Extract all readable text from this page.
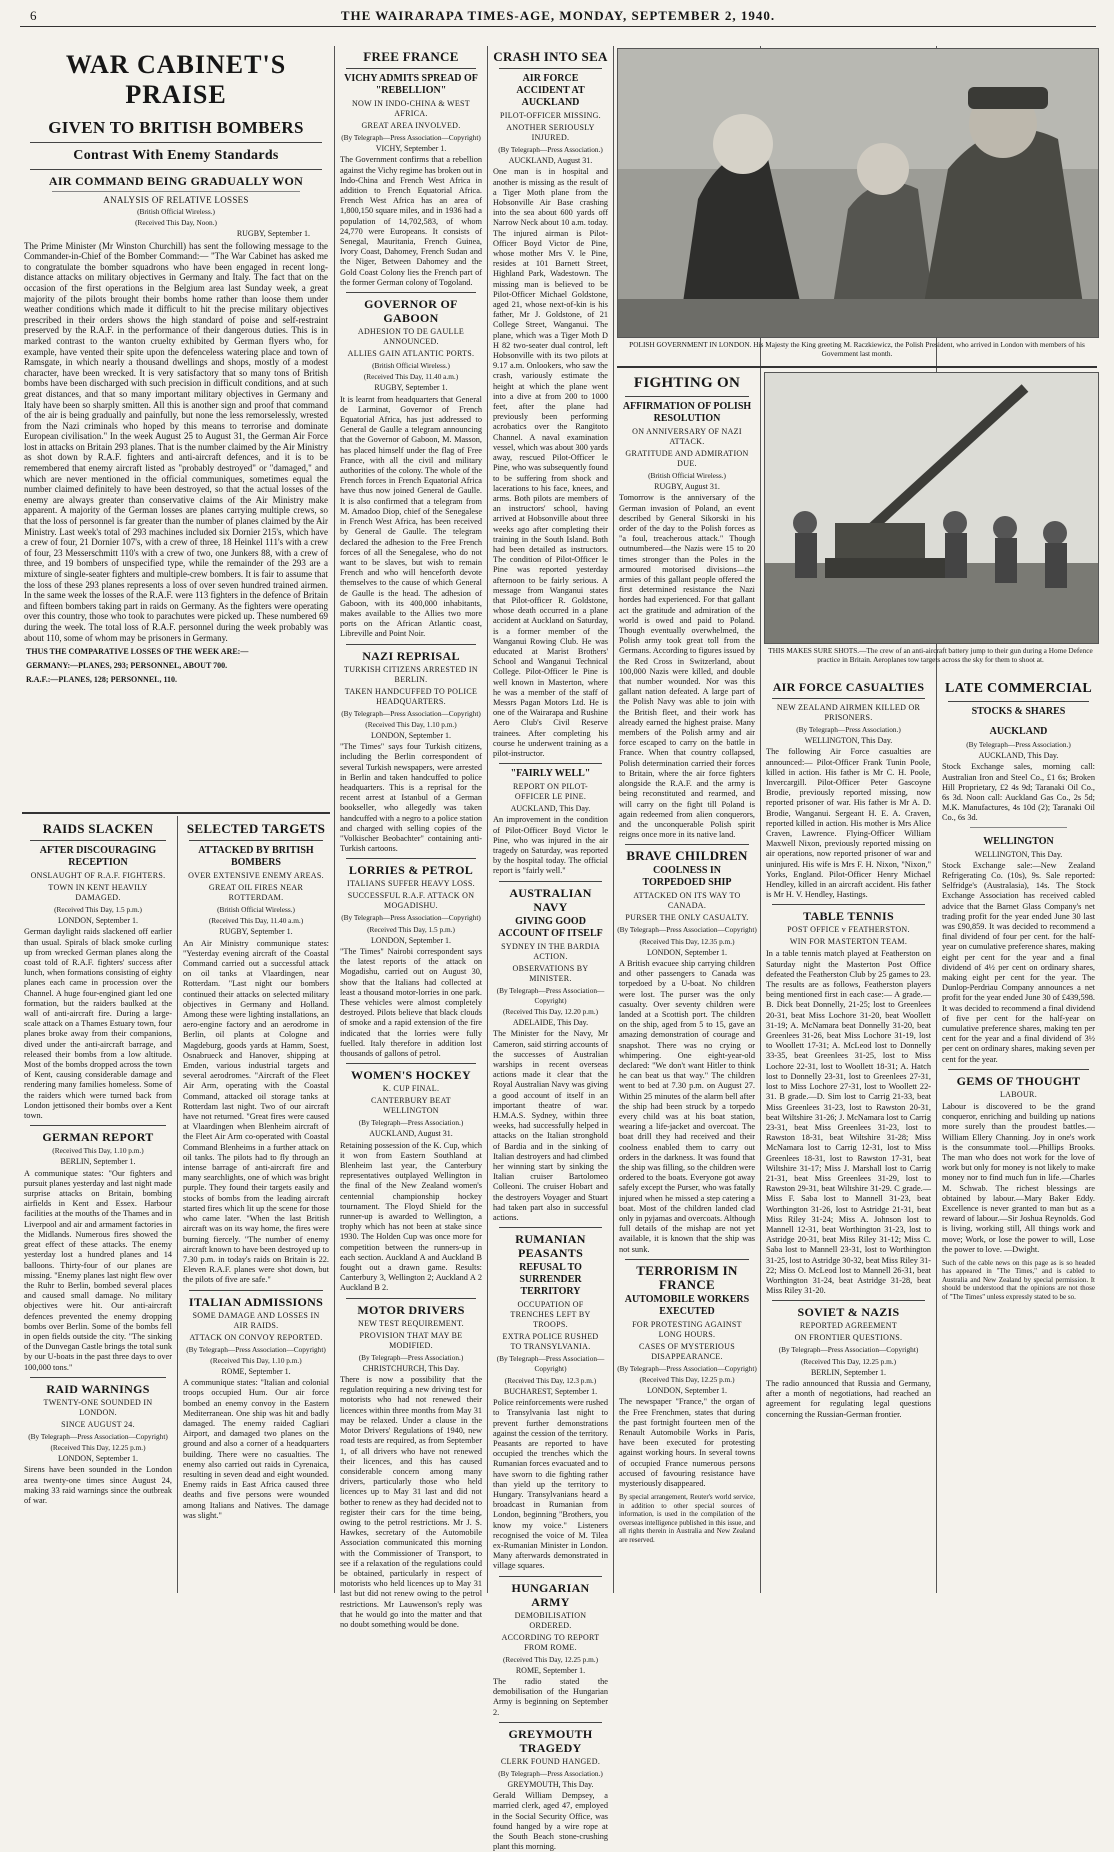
6	THE WAIRARAPA TIMES-AGE, MONDAY, SEPTEMBER 2, 1940.
WAR CABINET'S PRAISE
GIVEN TO BRITISH BOMBERS
Contrast With Enemy Standards
AIR COMMAND BEING GRADUALLY WON
ANALYSIS OF RELATIVE LOSSES
(British Official Wireless.)
(Received This Day, Noon.)
RUGBY, September 1.
The Prime Minister (Mr Winston Churchill) has sent the following message to the Commander-in-Chief of the Bomber Command:— "The War Cabinet has asked me to congratulate the bomber squadrons who have been engaged in recent long-distance attacks on military objectives in Germany and Italy. The fact that on the occasion of the first operations in the Belgium area last Sunday week, a great majority of the pilots brought their bombs home rather than loose them under weather conditions which made it difficult to hit the precise military objectives prescribed in their orders shows the high standard of poise and self-restraint preserved by the R.A.F. in the performance of their dangerous duties. This is in marked contrast to the wanton cruelty exhibited by German flyers who, for example, have vented their spite upon the defenceless watering place and town of Ramsgate, in which nearly a thousand dwellings and shops, mostly of a modest character, have been wrecked. It is very satisfactory that so many tons of British bombs have been discharged with such precision in difficult conditions, and at such great distances, and that so many important military objectives in Germany and Italy have been so sharply smitten. All this is another sign and proof that command of the air is being gradually and painfully, but none the less remorselessly, wrested from the Nazi criminals who hoped by this means to terrorise and dominate European civilisation." In the week August 25 to August 31, the German Air Force lost in attacks on Britain 293 planes. That is the number claimed by the Air Ministry as shot down by R.A.F. fighters and anti-aircraft defences, and it is to be remembered that enemy aircraft listed as "probably destroyed" or "damaged," and which are never mentioned in the official communiques, sometimes equal the number claimed definitely to have been destroyed, so that the actual losses of the enemy are always greater than conservative claims of the Air Ministry make apparent. A majority of the German losses are planes carrying multiple crews, so that the loss of personnel is far greater than the number of planes claimed by the Air Ministry. Last week's total of 293 machines included six Dornier 215's, which have a crew of four, 21 Dornier 107's, with a crew of three, 18 Heinkel 111's with a crew of four, 23 Messerschmitt 110's with a crew of two, one Junkers 88, with a crew of three, and 19 bombers of unspecified type, while the remainder of the 293 are a mixture of single-seater fighters and multiple-crew bombers. It is fair to assume that the loss of these 293 planes represents a loss of over seven hundred trained airmen. In the same week the losses of the R.A.F. were 113 fighters in the defence of Britain and fifteen bombers taking part in raids on Germany. As the fighters were operating over this country, those who took to parachutes were picked up. These numbered 69 during the week. The total loss of R.A.F. personnel during the week probably was about 110, some of whom may be prisoners in Germany.
THUS THE COMPARATIVE LOSSES OF THE WEEK ARE:—
GERMANY:—PLANES, 293; PERSONNEL, ABOUT 700.
R.A.F.:—PLANES, 128; PERSONNEL, 110.
RAIDS SLACKEN
AFTER DISCOURAGING RECEPTION
ONSLAUGHT OF R.A.F. FIGHTERS.
TOWN IN KENT HEAVILY DAMAGED.
(Received This Day, 1.5 p.m.)
LONDON, September 1.
German daylight raids slackened off earlier than usual. Spirals of black smoke curling up from wrecked German planes along the coast told of R.A.F. fighters' success after lunch, when formations consisting of eighty planes each came in procession over the Channel. A huge four-engined giant led one formation, but the raiders baulked at the wall of anti-aircraft fire. During a large-scale attack on a Thames Estuary town, four planes broke away from their companions, dived under the anti-aircraft barrage, and released their bombs from a low altitude. Most of the bombs dropped across the town of Kent, causing considerable damage and rendering many families homeless. Some of the raiders which were turned back from London jettisoned their bombs over a Kent town.
GERMAN REPORT
(Received This Day, 1.10 p.m.)
BERLIN, September 1.
A communique states: "Our fighters and pursuit planes yesterday and last night made surprise attacks on Britain, bombing airfields in Kent and Essex. Harbour facilities at the mouths of the Thames and in Liverpool and air and armament factories in the Midlands. Numerous fires showed the great effect of these attacks. The enemy yesterday lost a hundred planes and 14 balloons. Thirty-four of our planes are missing. "Enemy planes last night flew over the Ruhr to Berlin, bombed several places and caused small damage. No military objectives were hit. Our anti-aircraft defences prevented the enemy dropping bombs over Berlin. Some of the bombs fell in open fields outside the city. "The sinking of the Dunvegan Castle brings the total sunk by our U-boats in the past three days to over 100,000 tons."
RAID WARNINGS
TWENTY-ONE SOUNDED IN LONDON.
SINCE AUGUST 24.
(By Telegraph—Press Association—Copyright)
(Received This Day, 12.25 p.m.)
LONDON, September 1.
Sirens have been sounded in the London area twenty-one times since August 24, making 33 raid warnings since the outbreak of war.
SELECTED TARGETS
ATTACKED BY BRITISH BOMBERS
OVER EXTENSIVE ENEMY AREAS.
GREAT OIL FIRES NEAR ROTTERDAM.
(British Official Wireless.)
(Received This Day, 11.40 a.m.)
RUGBY, September 1.
An Air Ministry communique states: "Yesterday evening aircraft of the Coastal Command carried out a successful attack on oil tanks at Vlaardingen, near Rotterdam. "Last night our bombers continued their attacks on selected military objectives in Germany and Holland. Among these were lighting installations, an aero-engine factory and an aerodrome in Berlin, oil plants at Cologne and Magdeburg, goods yards at Hamm, Soest, Osnabrueck and Hanover, shipping at Emden, various industrial targets and several aerodromes. "Aircraft of the Fleet Air Arm, operating with the Coastal Command, attacked oil storage tanks at Rotterdam last night. Two of our aircraft have not returned. "Great fires were caused at Vlaardingen when Blenheim aircraft of the Fleet Air Arm co-operated with Coastal Command Blenheims in a further attack on oil tanks. The pilots had to fly through an intense barrage of anti-aircraft fire and many searchlights, one of which was bright purple. They found their targets easily and stocks of bombs from the leading aircraft started fires which lit up the scene for those who came later. "When the last British aircraft was on its way home, the fires were burning fiercely. "The number of enemy aircraft known to have been destroyed up to 7.30 p.m. in today's raids on Britain is 22. Eleven R.A.F. planes were shot down, but the pilots of five are safe."
ITALIAN ADMISSIONS
SOME DAMAGE AND LOSSES IN AIR RAIDS.
ATTACK ON CONVOY REPORTED.
(By Telegraph—Press Association—Copyright)
(Received This Day, 1.10 p.m.)
ROME, September 1.
A communique states: "Italian and colonial troops occupied Hum. Our air force bombed an enemy convoy in the Eastern Mediterranean. One ship was hit and badly damaged. The enemy raided Cagliari Airport, and damaged two planes on the ground and also a corner of a headquarters building. There were no casualties. The enemy also carried out raids in Cyrenaica, resulting in seven dead and eight wounded. Enemy raids in East Africa caused three deaths and five persons were wounded among Italians and Natives. The damage was slight."
FREE FRANCE
VICHY ADMITS SPREAD OF "REBELLION"
NOW IN INDO-CHINA & WEST AFRICA.
GREAT AREA INVOLVED.
(By Telegraph—Press Association—Copyright)
VICHY, September 1.
The Government confirms that a rebellion against the Vichy regime has broken out in Indo-China and French West Africa in addition to French Equatorial Africa. French West Africa has an area of 1,800,150 square miles, and in 1936 had a population of 14,702,583, of whom 24,770 were Europeans. It consists of Senegal, Mauritania, French Guinea, Ivory Coast, Dahomey, French Sudan and the Niger, Between Dahomey and the Gold Coast Colony lies the French part of the former German colony of Togoland.
GOVERNOR OF GABOON
ADHESION TO DE GAULLE ANNOUNCED.
ALLIES GAIN ATLANTIC PORTS.
(British Official Wireless.)
(Received This Day, 11.40 a.m.)
RUGBY, September 1.
It is learnt from headquarters that General de Larminat, Governor of French Equatorial Africa, has just addressed to General de Gaulle a telegram announcing that the Governor of Gaboon, M. Masson, has placed himself under the flag of Free France, with all the civil and military authorities of the colony. The whole of the French forces in French Equatorial Africa have thus now joined General de Gaulle. It is also confirmed that a telegram from M. Amadoo Diop, chief of the Senegalese in French West Africa, has been received by General de Gaulle. The telegram declared the adhesion to the Free French forces of all the Senegalese, who do not want to be slaves, but wish to remain French and who will henceforth devote themselves to the cause of which General de Gaulle is the head. The adhesion of Gaboon, with its 400,000 inhabitants, makes available to the Allies two more ports on the African Atlantic coast, Libreville and Point Noir.
NAZI REPRISAL
TURKISH CITIZENS ARRESTED IN BERLIN.
TAKEN HANDCUFFED TO POLICE HEADQUARTERS.
(By Telegraph—Press Association—Copyright)
(Received This Day, 1.10 p.m.)
LONDON, September 1.
"The Times" says four Turkish citizens, including the Berlin correspondent of several Turkish newspapers, were arrested in Berlin and taken handcuffed to police headquarters. This is a reprisal for the recent arrest at Istanbul of a German bookseller, who allegedly was taken handcuffed with a negro to a police station and charged with selling copies of the "Volkischer Beobachter" containing anti-Turkish cartoons.
LORRIES & PETROL
ITALIANS SUFFER HEAVY LOSS.
SUCCESSFUL R.A.F. ATTACK ON MOGADISHU.
(By Telegraph—Press Association—Copyright)
(Received This Day, 1.5 p.m.)
LONDON, September 1.
"The Times" Nairobi correspondent says the latest reports of the attack on Mogadishu, carried out on August 30, show that the Italians had collected at least a thousand motor-lorries in one park. These vehicles were almost completely destroyed. Pilots believe that black clouds of smoke and a rapid extension of the fire indicated that the lorries were fully fuelled. Italy therefore in addition lost thousands of gallons of petrol.
WOMEN'S HOCKEY
K. CUP FINAL.
CANTERBURY BEAT WELLINGTON
(By Telegraph—Press Association.)
AUCKLAND, August 31.
Retaining possession of the K. Cup, which it won from Eastern Southland at Blenheim last year, the Canterbury representatives outplayed Wellington in the final of the New Zealand women's centennial championship hockey tournament. The Floyd Shield for the runner-up is awarded to Wellington, a trophy which has not been at stake since 1930. The Holden Cup was once more for competition between the runners-up in each section. Auckland A and Auckland B fought out a drawn game. Results: Canterbury 3, Wellington 2; Auckland A 2 Auckland B 2.
MOTOR DRIVERS
NEW TEST REQUIREMENT.
PROVISION THAT MAY BE MODIFIED.
(By Telegraph—Press Association.)
CHRISTCHURCH, This Day.
There is now a possibility that the regulation requiring a new driving test for motorists who had not renewed their licences within three months from May 31 may be relaxed. Under a clause in the Motor Drivers' Regulations of 1940, new road tests are required, as from September 1, of all drivers who have not renewed their licences, and this has caused considerable concern among many drivers, particularly those who held licences up to May 31 last and did not bother to renew as they had decided not to register their cars for the time being, owing to the petrol restrictions. Mr J. S. Hawkes, secretary of the Automobile Association communicated this morning with the Commissioner of Transport, to see if a relaxation of the regulations could be obtained, particularly in respect of motorists who held licences up to May 31 last but did not renew owing to the petrol restrictions. Mr Lauwenson's reply was that he would go into the matter and that no doubt something would be done.
CRASH INTO SEA
AIR FORCE ACCIDENT AT AUCKLAND
PILOT-OFFICER MISSING.
ANOTHER SERIOUSLY INJURED.
(By Telegraph—Press Association.)
AUCKLAND, August 31.
One man is in hospital and another is missing as the result of a Tiger Moth plane from the Hobsonville Air Base crashing into the sea about 600 yards off Narrow Neck about 10 a.m. today. The injured airman is Pilot-Officer Boyd Victor de Pine, whose mother Mrs V. le Pine, resides at 101 Barnett Street, Highland Park, Wadestown. The missing man is believed to be Pilot-Officer Michael Goldstone, aged 21, whose next-of-kin is his father, Mr J. Goldstone, of 21 College Street, Wanganui. The plane, which was a Tiger Moth D H 82 two-seater dual control, left Hobsonville with its two pilots at 9.17 a.m. Onlookers, who saw the crash, variously estimate the height at which the plane went into a dive at from 200 to 1000 feet, after the plane had previously been performing acrobatics over the Rangitoto Channel. A naval examination vessel, which was about 300 yards away, rescued Pilot-Officer le Pine, who was subsequently found to be suffering from shock and lacerations to his face, knees, and arms. Both pilots are members of an instructors' school, having arrived at Hobsonville about three weeks ago after completing their training in the South Island. Both had been detailed as instructors. The condition of Pilot-Officer le Pine was reported yesterday afternoon to be fairly serious. A message from Wanganui states that Pilot-officer R. Goldstone, whose death occurred in a plane accident at Auckland on Saturday, is a former member of the Wanganui Rowing Club. He was educated at Marist Brothers' School and Wanganui Technical College. Pilot-Officer le Pine is well known in Masterton, where he was a member of the staff of Messrs Pagan Motors Ltd. He is one of the Wairarapa and Rushine Aero Club's Civil Reserve trainees. After completing his course he underwent training as a pilot-instructor.
"FAIRLY WELL"
REPORT ON PILOT-OFFICER LE PINE.
AUCKLAND, This Day.
An improvement in the condition of Pilot-Officer Boyd Victor le Pine, who was injured in the air tragedy on Saturday, was reported by the hospital today. The official report is "fairly well."
AUSTRALIAN NAVY
GIVING GOOD ACCOUNT OF ITSELF
SYDNEY IN THE BARDIA ACTION.
OBSERVATIONS BY MINISTER.
(By Telegraph—Press Association—Copyright)
(Received This Day, 12.20 p.m.)
ADELAIDE, This Day.
The Minister for the Navy, Mr Cameron, said stirring accounts of the successes of Australian warships in recent overseas actions made it clear that the Royal Australian Navy was giving a good account of itself in an important theatre of war. H.M.A.S. Sydney, within three weeks, had successfully helped in attacks on the Italian stronghold of Bardia and in the sinking of Italian destroyers and had climbed her winning start by sinking the Italian cruiser Bartolomeo Colleoni. The cruiser Hobart and the destroyers Voyager and Stuart had taken part also in successful actions.
RUMANIAN PEASANTS
REFUSAL TO SURRENDER TERRITORY
OCCUPATION OF TRENCHES LEFT BY TROOPS.
EXTRA POLICE RUSHED TO TRANSYLVANIA.
(By Telegraph—Press Association—Copyright)
(Received This Day, 12.3 p.m.)
BUCHAREST, September 1.
Police reinforcements were rushed to Transylvania last night to prevent further demonstrations against the cession of the territory. Peasants are reported to have occupied the trenches which the Rumanian forces evacuated and to have sworn to die fighting rather than yield up the territory to Hungary. Transylvanians heard a broadcast in Rumanian from London, beginning "Brothers, you know my voice." Listeners recognised the voice of M. Tilea ex-Rumanian Minister in London. Many afterwards demonstrated in village squares.
HUNGARIAN ARMY
DEMOBILISATION ORDERED.
ACCORDING TO REPORT FROM ROME.
(Received This Day, 12.25 p.m.)
ROME, September 1.
The radio stated the demobilisation of the Hungarian Army is beginning on September 2.
GREYMOUTH TRAGEDY
CLERK FOUND HANGED.
(By Telegraph—Press Association.)
GREYMOUTH, This Day.
Gerald William Dempsey, a married clerk, aged 47, employed in the Social Security Office, was found hanged by a wire rope at the South Beach stone-crushing plant this morning.
POLISH GOVERNMENT IN LONDON. His Majesty the King greeting M. Raczkiewicz, the Polish President, who arrived in London with members of his Government last month.
FIGHTING ON
AFFIRMATION OF POLISH RESOLUTION
ON ANNIVERSARY OF NAZI ATTACK.
GRATITUDE AND ADMIRATION DUE.
(British Official Wireless.)
RUGBY, August 31.
Tomorrow is the anniversary of the German invasion of Poland, an event described by General Sikorski in his order of the day to the Polish forces as "a foul, treacherous attack." Though outnumbered—the Nazis were 15 to 20 times stronger than the Poles in the armoured motorised divisions—the armies of this gallant people offered the first determined resistance the Nazi hordes had experienced. For that gallant act the gratitude and admiration of the world is owed and paid to Poland. Though eventually overwhelmed, the Polish army took great toll from the Germans. According to figures issued by the Red Cross in Switzerland, about 100,000 Nazis were killed, and double that number wounded. Nor was this gallant nation defeated. A large part of the Polish Navy was able to join with the British fleet, and their work has already earned the highest praise. Many members of the Polish army and air force escaped to carry on the battle in France. When that country collapsed, Polish determination carried their forces to Britain, where the air force fighters alongside the R.A.F. and the army is being reconstituted and rearmed, and will carry on the fight till Poland is again redeemed from alien conquerors, and the unconquerable Polish spirit reigns once more in its native land.
BRAVE CHILDREN
COOLNESS IN TORPEDOED SHIP
ATTACKED ON ITS WAY TO CANADA.
PURSER THE ONLY CASUALTY.
(By Telegraph—Press Association—Copyright)
(Received This Day, 12.35 p.m.)
LONDON, September 1.
A British evacuee ship carrying children and other passengers to Canada was torpedoed by a U-boat. No children were lost. The purser was the only casualty. Over seventy children were landed at a Scottish port. The children on the ship, aged from 5 to 15, gave an amazing demonstration of courage and snapshot. There was no crying or whimpering. One eight-year-old declared: "We don't want Hitler to think he can beat us that way." The children went to bed at 7.30 p.m. on August 27. Within 25 minutes of the alarm bell after the ship had been struck by a torpedo every child was at his boat station, wearing a life-jacket and overcoat. The boat drill they had received and their coolness enabled them to carry out orders in the darkness. It was found that the ship was filling, so the children were ordered to the boats. Everyone got away safely except the Purser, who was fatally injured when he missed a step catering a boat. Most of the children landed clad only in pyjamas and overcoats. Although full details of the mishap are not yet available, it is known that the ship was not sunk.
TERRORISM IN FRANCE
AUTOMOBILE WORKERS EXECUTED
FOR PROTESTING AGAINST LONG HOURS.
CASES OF MYSTERIOUS DISAPPEARANCE.
(By Telegraph—Press Association—Copyright)
(Received This Day, 12.25 p.m.)
LONDON, September 1.
The newspaper "France," the organ of the Free Frenchmen, states that during the past fortnight fourteen men of the Renault Automobile Works in Paris, have been executed for protesting against working hours. In several towns of occupied France numerous persons accused of favouring resistance have mysteriously disappeared.
By special arrangement, Reuter's world service, in addition to other special sources of information, is used in the compilation of the overseas intelligence published in this issue, and all rights therein in Australia and New Zealand are reserved.
THIS MAKES SURE SHOTS.—The crew of an anti-aircraft battery jump to their gun during a Home Defence practice in Britain. Aeroplanes tow targets across the sky for them to shoot at.
AIR FORCE CASUALTIES
NEW ZEALAND AIRMEN KILLED OR PRISONERS.
(By Telegraph—Press Association.)
WELLINGTON, This Day.
The following Air Force casualties are announced:— Pilot-Officer Frank Tunin Poole, killed in action. His father is Mr C. H. Poole, Invercargill. Pilot-Officer Peter Gascoyne Brodie, previously reported missing, now reported prisoner of war. His father is Mr A. D. Brodie, Wanganui. Sergeant H. E. A. Craven, reported killed in action. His mother is Mrs Alice Craven, Lawrence. Flying-Officer William Maxwell Nixon, previously reported missing on air operations, now reported prisoner of war and uninjured. His wife is Mrs F. H. Nixon, "Nixon," Yorks, England. Pilot-Officer Henry Michael Hendley, killed in an aircraft accident. His father is Mr H. V. Hendley, Hastings.
TABLE TENNIS
POST OFFICE v FEATHERSTON.
WIN FOR MASTERTON TEAM.
In a table tennis match played at Featherston on Saturday night the Masterton Post Office defeated the Featherston Club by 25 games to 23. The results are as follows, Featherston players being mentioned first in each case:— A grade.—B. Dick beat Donnelly, 21-25; lost to Greenlees 20-31, beat Miss Lochore 31-20, beat Woollett 31-19; A. McNamara beat Donnelly 31-20, beat Greenlees 31-26, beat Miss Lochore 31-19, lost to Woollett 17-31; A. McLeod lost to Donnelly 33-35, beat Greenlees 31-25, lost to Miss Lochore 22-31, lost to Woollett 18-31; A. Hatch lost to Donnelly 23-31, lost to Greenlees 27-31, lost to Miss Lochore 27-31, lost to Woollett 22-31. B grade.—D. Sim lost to Carrig 21-33, beat Miss Greenlees 31-23, lost to Rawston 20-31, beat Wiltshire 31-26; J. McNamara lost to Carrig 23-31, beat Miss Greenlees 31-23, lost to Rawston 18-31, beat Wiltshire 31-28; Miss McNamara lost to Carrig 12-31, lost to Miss Greenlees 18-31, lost to Rawston 17-31, beat Wiltshire 31-17; Miss J. Marshall lost to Carrig 21-31, beat Miss Greenlees 31-29, lost to Rawston 29-31, beat Wiltshire 31-29. C grade.—Miss F. Saba lost to Mannell 31-23, beat Worthington 31-26, lost to Astridge 21-31, beat Miss Riley 31-24; Miss A. Johnson lost to Mannell 12-31, beat Worthington 31-23, lost to Astridge 20-31, beat Miss Riley 31-12; Miss C. Saba lost to Mannell 23-31, lost to Worthington 31-25, lost to Astridge 30-32, beat Miss Riley 31-22; Miss O. McLeod lost to Mannell 26-31, beat Worthington 31-24, beat Astridge 31-28, beat Miss Riley 31-20.
SOVIET & NAZIS
REPORTED AGREEMENT
ON FRONTIER QUESTIONS.
(By Telegraph—Press Association—Copyright)
(Received This Day, 12.25 p.m.)
BERLIN, September 1.
The radio announced that Russia and Germany, after a month of negotiations, had reached an agreement for regulating legal questions concerning the Russian-German frontier.
LATE COMMERCIAL
STOCKS & SHARES
AUCKLAND
(By Telegraph—Press Association.)
AUCKLAND, This Day.
Stock Exchange sales, morning call: Australian Iron and Steel Co., £1 6s; Broken Hill Proprietary, £2 4s 9d; Taranaki Oil Co., 6s 3d. Noon call: Auckland Gas Co., 2s 5d; M.K. Manufactures, 4s 10d (2); Taranaki Oil Co., 6s 3d.
WELLINGTON
WELLINGTON, This Day.
Stock Exchange sale:—New Zealand Refrigerating Co. (10s), 9s. Sale reported: Selfridge's (Australasia), 14s. The Stock Exchange Association has received cabled advice that the Barnet Glass Company's net trading profit for the year ended June 30 last was £90,859. It was decided to recommend a final dividend of four per cent. for the half-year on cumulative preference shares, making eight per cent for the year and a final dividend of 4½ per cent on ordinary shares, making eight per cent for the year. The Dunlop-Perdriau Company announces a net profit for the year ended June 30 of £439,598. It was decided to recommend a final dividend of five per cent for the half-year on cumulative preference shares, making ten per cent for the year and a final dividend of 3½ per cent on ordinary shares, making seven per cent for the year.
GEMS OF THOUGHT
LABOUR.
Labour is discovered to be the grand conqueror, enriching and building up nations more surely than the proudest battles.—William Ellery Channing. Joy in one's work is the consummate tool.—Phillips Brooks. The man who does not work for the love of work but only for money is not likely to make money nor to find much fun in life.—Charles M. Schwab. The richest blessings are obtained by labour.—Mary Baker Eddy. Excellence is never granted to man but as a reward of labour.—Sir Joshua Reynolds. God is living, working still, All things work and move; Work, or lose the power to will, Lose the power to love. —Dwight.
Such of the cable news on this page as is so headed has appeared in "The Times," and is cabled to Australia and New Zealand by special permission. It should be understood that the opinions are not those of "The Times" unless expressly stated to be so.
